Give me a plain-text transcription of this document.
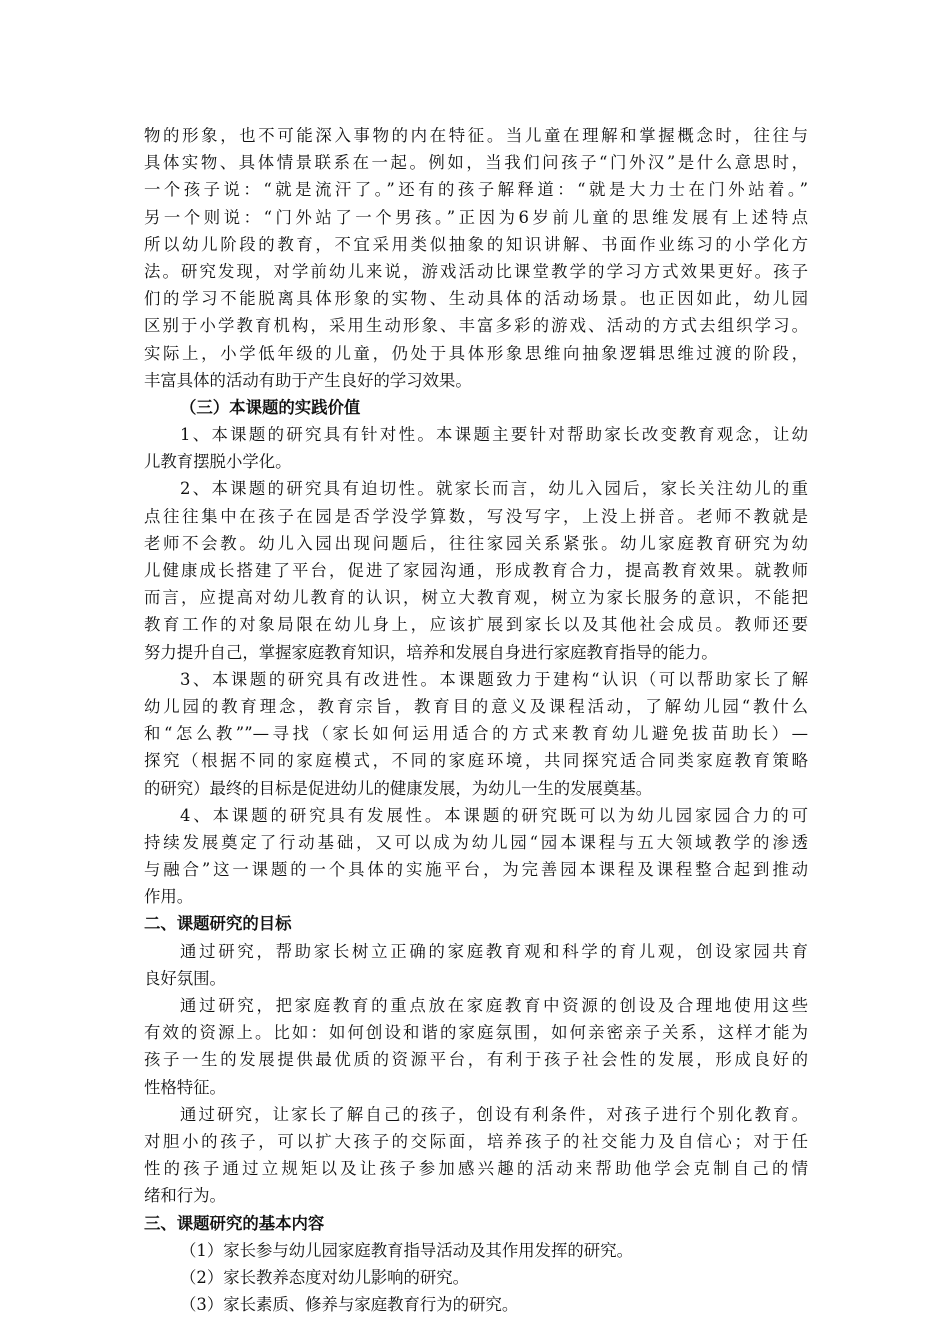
物的形象，也不可能深入事物的内在特征。当儿童在理解和掌握概念时，往往与
具体实物、具体情景联系在一起。例如，当我们问孩子“门外汉”是什么意思时，
一个孩子说：“就是流汗了。”还有的孩子解释道：“就是大力士在门外站着。”
另一个则说：“门外站了一个男孩。”正因为6岁前儿童的思维发展有上述特点
所以幼儿阶段的教育，不宜采用类似抽象的知识讲解、书面作业练习的小学化方
法。研究发现，对学前幼儿来说，游戏活动比课堂教学的学习方式效果更好。孩子
们的学习不能脱离具体形象的实物、生动具体的活动场景。也正因如此，幼儿园
区别于小学教育机构，采用生动形象、丰富多彩的游戏、活动的方式去组织学习。
实际上，小学低年级的儿童，仍处于具体形象思维向抽象逻辑思维过渡的阶段，
丰富具体的活动有助于产生良好的学习效果。
（三）本课题的实践价值
1、本课题的研究具有针对性。本课题主要针对帮助家长改变教育观念，让幼
儿教育摆脱小学化。
2、本课题的研究具有迫切性。就家长而言，幼儿入园后，家长关注幼儿的重
点往往集中在孩子在园是否学没学算数，写没写字，上没上拼音。老师不教就是
老师不会教。幼儿入园出现问题后，往往家园关系紧张。幼儿家庭教育研究为幼
儿健康成长搭建了平台，促进了家园沟通，形成教育合力，提高教育效果。就教师
而言，应提高对幼儿教育的认识，树立大教育观，树立为家长服务的意识，不能把
教育工作的对象局限在幼儿身上，应该扩展到家长以及其他社会成员。教师还要
努力提升自己，掌握家庭教育知识，培养和发展自身进行家庭教育指导的能力。
3、本课题的研究具有改进性。本课题致力于建构“认识（可以帮助家长了解
幼儿园的教育理念，教育宗旨，教育目的意义及课程活动，了解幼儿园“教什么
和“怎么教””—寻找（家长如何运用适合的方式来教育幼儿避免拔苗助长）—
探究（根据不同的家庭模式，不同的家庭环境，共同探究适合同类家庭教育策略
的研究）最终的目标是促进幼儿的健康发展，为幼儿一生的发展奠基。
4、本课题的研究具有发展性。本课题的研究既可以为幼儿园家园合力的可
持续发展奠定了行动基础，又可以成为幼儿园“园本课程与五大领域教学的渗透
与融合”这一课题的一个具体的实施平台，为完善园本课程及课程整合起到推动
作用。
二、课题研究的目标
通过研究，帮助家长树立正确的家庭教育观和科学的育儿观，创设家园共育
良好氛围。
通过研究，把家庭教育的重点放在家庭教育中资源的创设及合理地使用这些
有效的资源上。比如：如何创设和谐的家庭氛围，如何亲密亲子关系，这样才能为
孩子一生的发展提供最优质的资源平台，有利于孩子社会性的发展，形成良好的
性格特征。
通过研究，让家长了解自己的孩子，创设有利条件，对孩子进行个别化教育。
对胆小的孩子，可以扩大孩子的交际面，培养孩子的社交能力及自信心；对于任
性的孩子通过立规矩以及让孩子参加感兴趣的活动来帮助他学会克制自己的情
绪和行为。
三、课题研究的基本内容
（1）家长参与幼儿园家庭教育指导活动及其作用发挥的研究。
（2）家长教养态度对幼儿影响的研究。
（3）家长素质、修养与家庭教育行为的研究。
